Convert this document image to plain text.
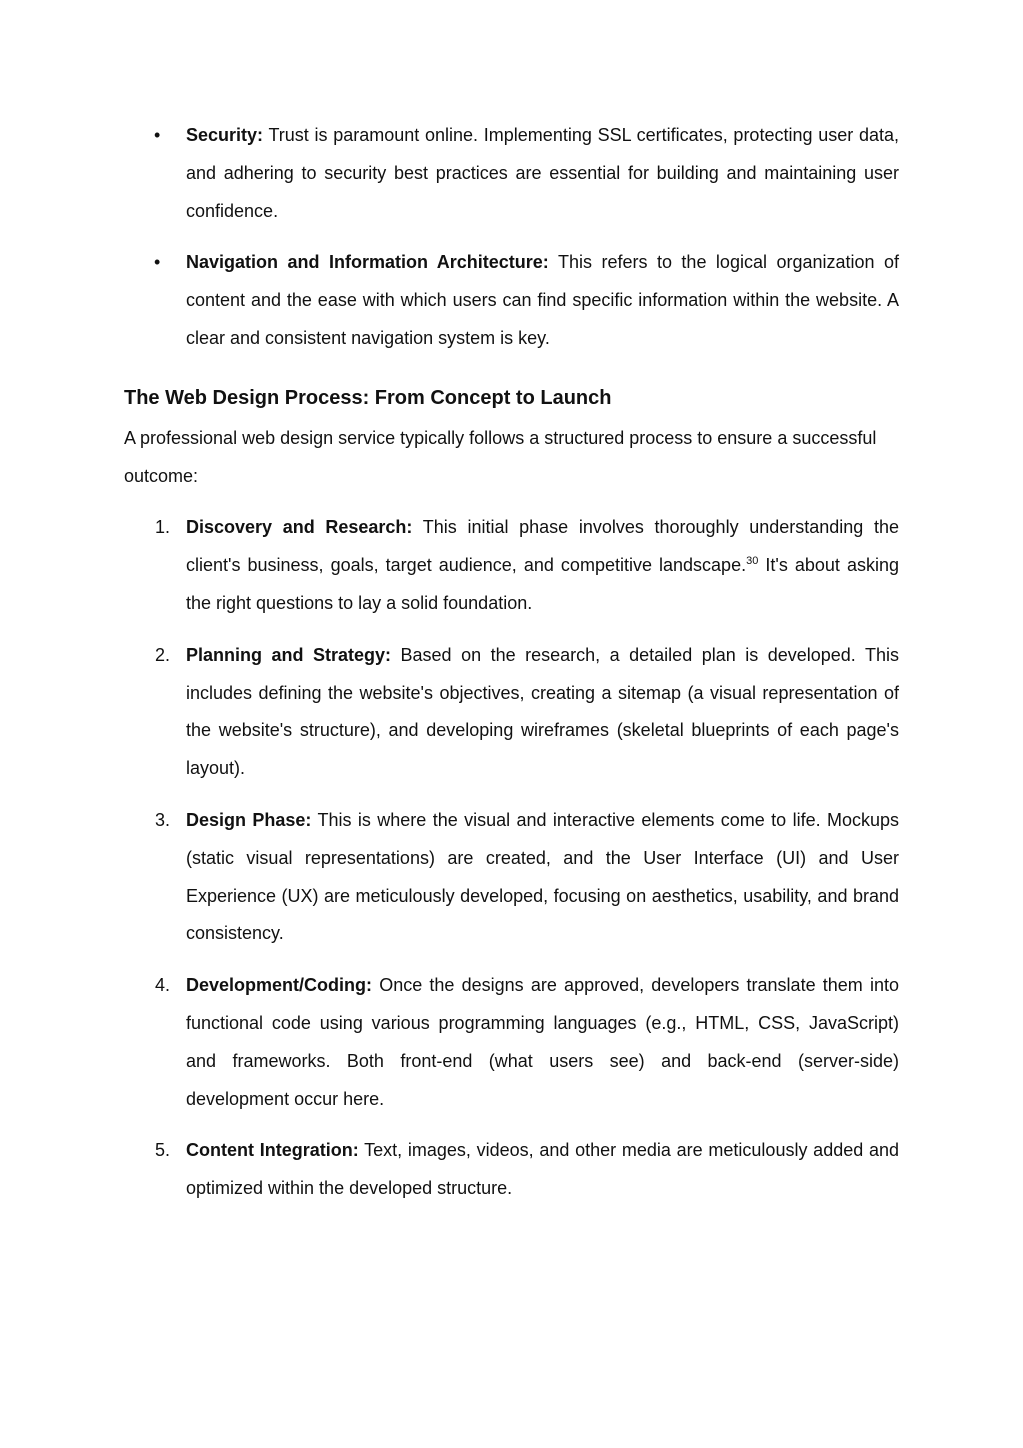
•	Security: Trust is paramount online. Implementing SSL certificates, protecting user data, and adhering to security best practices are essential for building and maintaining user confidence.
•	Navigation and Information Architecture: This refers to the logical organization of content and the ease with which users can find specific information within the website. A clear and consistent navigation system is key.
The Web Design Process: From Concept to Launch

A professional web design service typically follows a structured process to ensure a successful outcome:

1. Discovery and Research: This initial phase involves thoroughly understanding the client's business, goals, target audience, and competitive landscape.$^{30}$ It's about asking the right questions to lay a solid foundation.
2. Planning and Strategy: Based on the research, a detailed plan is developed. This includes defining the website's objectives, creating a sitemap (a visual representation of the website's structure), and developing wireframes (skeletal blueprints of each page's layout).
3. Design Phase: This is where the visual and interactive elements come to life. Mockups (static visual representations) are created, and the User Interface (UI) and User Experience (UX) are meticulously developed, focusing on aesthetics, usability, and brand consistency.
4. Development/Coding: Once the designs are approved, developers translate them into functional code using various programming languages (e.g., HTML, CSS, JavaScript) and frameworks. Both front-end (what users see) and back-end (server-side) development occur here.
5. Content Integration: Text, images, videos, and other media are meticulously added and optimized within the developed structure.
